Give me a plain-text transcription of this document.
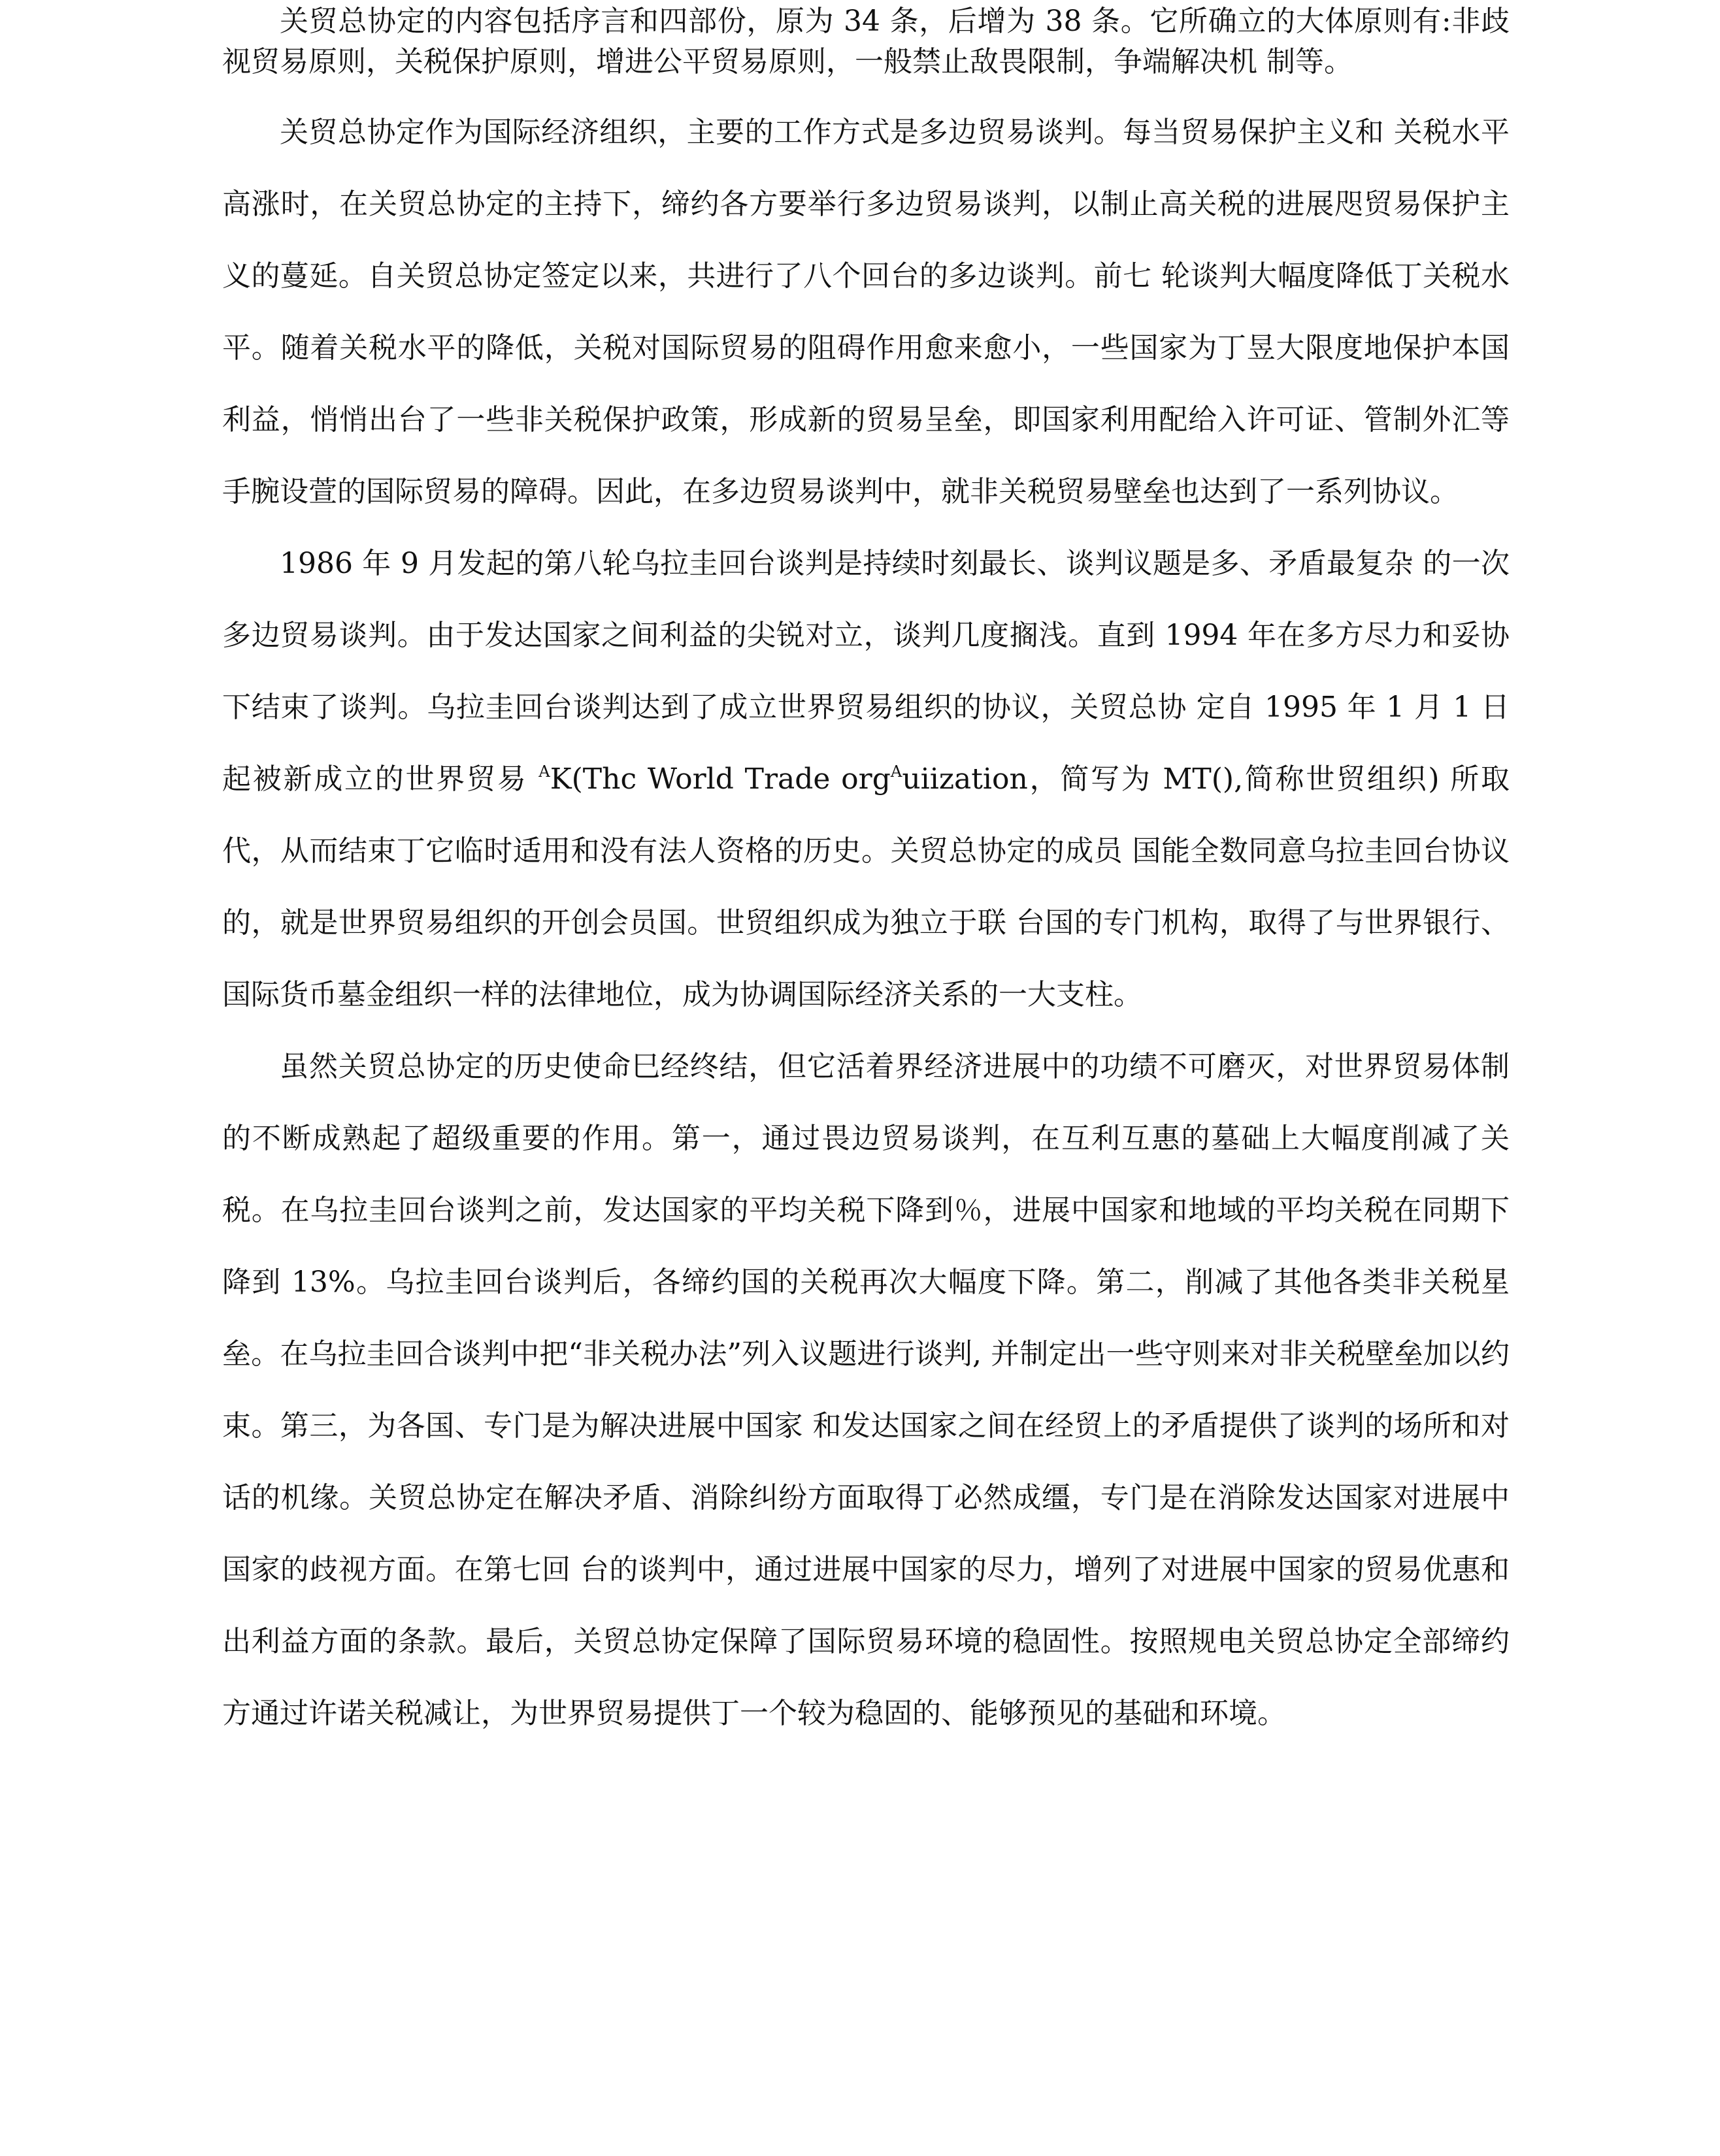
关贸总协定的内容包括序言和四部份，原为 34 条，后增为 38 条。它所确立的大体原则有:非歧视贸易原则，关税保护原则，增进公平贸易原则，一般禁止敌畏限制，争端解决机 制等。

关贸总协定作为国际经济组织，主要的工作方式是多边贸易谈判。每当贸易保护主义和 关税水平高涨时，在关贸总协定的主持下，缔约各方要举行多边贸易谈判，以制止高关税的进展咫贸易保护主义的蔓延。自关贸总协定签定以来，共进行了八个回台的多边谈判。前七 轮谈判大幅度降低丁关税水平。随着关税水平的降低，关税对国际贸易的阻碍作用愈来愈小，一些国家为丁昱大限度地保护本国利益，悄悄出台了一些非关税保护政策，形成新的贸易呈垒，即国家利用配给入许可证、管制外汇等手腕设萱的国际贸易的障碍。因此，在多边贸易谈判中，就非关税贸易壁垒也达到了一系列协议。

1986 年 9 月发起的第八轮乌拉圭回台谈判是持续时刻最长、谈判议题是多、矛盾最复杂 的一次多边贸易谈判。由于发达国家之间利益的尖锐对立，谈判几度搁浅。直到 1994 年在多方尽力和妥协下结束了谈判。乌拉圭回台谈判达到了成立世界贸易组织的协议，关贸总协 定自 1995 年 1 月 1 日起被新成立的世界贸易 $^A$K(Thc World Trade org$^A$uiization，简写为 MT(),简称世贸组织) 所取代，从而结束丁它临时适用和没有法人资格的历史。关贸总协定的成员 国能全数同意乌拉圭回台协议的，就是世界贸易组织的开创会员国。世贸组织成为独立于联 台国的专门机构，取得了与世界银行、国际货币墓金组织一样的法律地位，成为协调国际经济关系的一大支柱。

虽然关贸总协定的历史使命巳经终结，但它活着界经济进展中的功绩不可磨灭，对世界贸易体制的不断成熟起了超级重要的作用。第一，通过畏边贸易谈判，在互利互惠的墓础上大幅度削减了关税。在乌拉圭回台谈判之前，发达国家的平均关税下降到％，进展中国家和地域的平均关税在同期下降到 13%。乌拉圭回台谈判后，各缔约国的关税再次大幅度下降。第二，削减了其他各类非关税星垒。在乌拉圭回合谈判中把“非关税办法”列入议题进行谈判, 并制定出一些守则来对非关税壁垒加以约束。第三，为各国、专门是为解决进展中国家 和发达国家之间在经贸上的矛盾提供了谈判的场所和对话的机缘。关贸总协定在解决矛盾、消除纠纷方面取得丁必然成缰，专门是在消除发达国家对进展中国家的歧视方面。在第七回 台的谈判中，通过进展中国家的尽力，增列了对进展中国家的贸易优惠和出利益方面的条款。最后，关贸总协定保障了国际贸易环境的稳固性。按照规电关贸总协定全部缔约方通过许诺关税减让，为世界贸易提供丁一个较为稳固的、能够预见的基础和环境。
